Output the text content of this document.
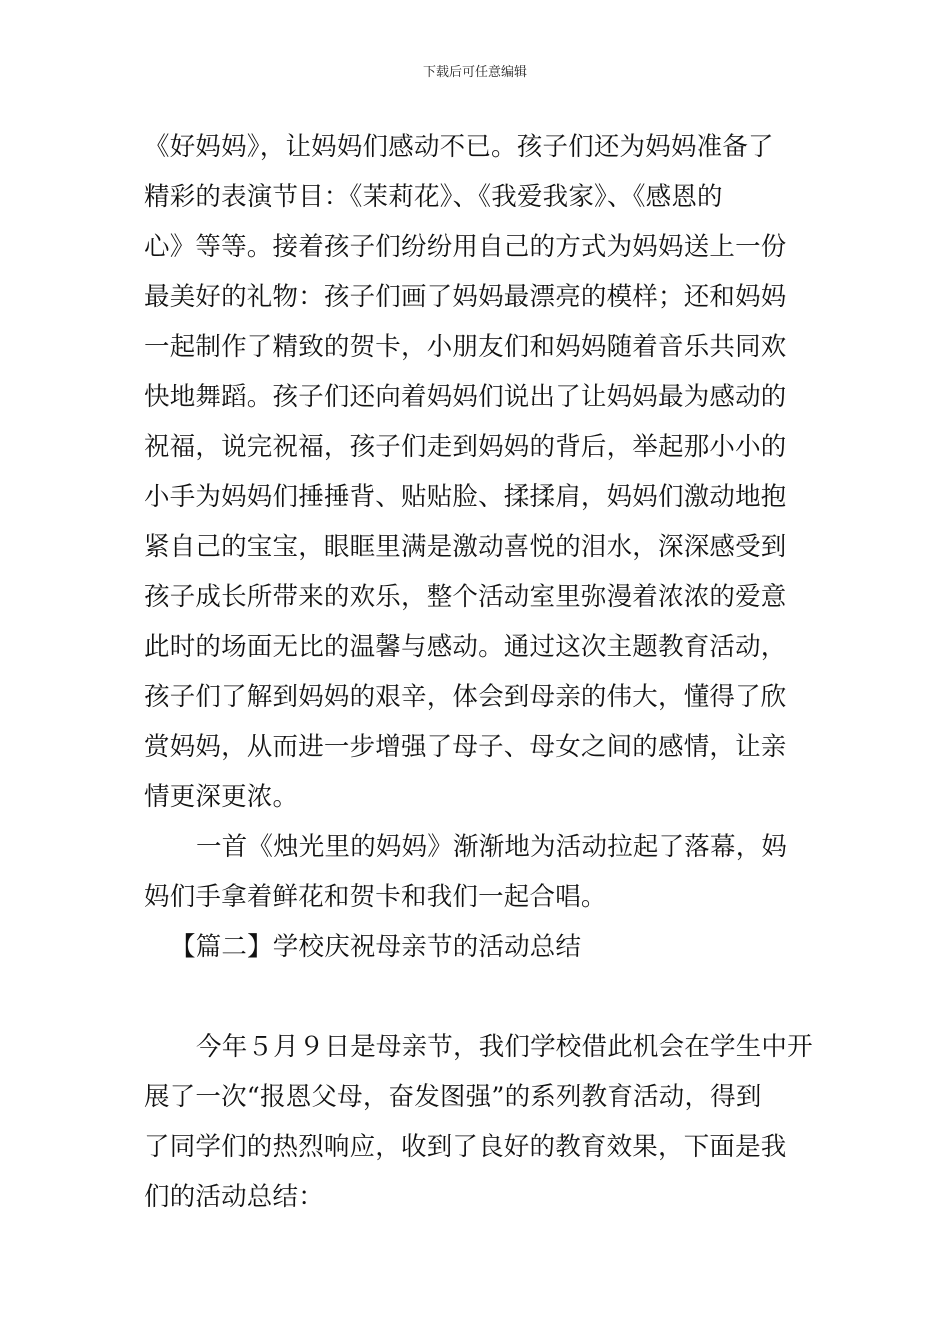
下载后可任意编辑
《好妈妈》，让妈妈们感动不已。孩子们还为妈妈准备了
精彩的表演节目：《茉莉花》、《我爱我家》、《感恩的
心》等等。接着孩子们纷纷用自己的方式为妈妈送上一份
最美好的礼物：孩子们画了妈妈最漂亮的模样；还和妈妈
一起制作了精致的贺卡，小朋友们和妈妈随着音乐共同欢
快地舞蹈。孩子们还向着妈妈们说出了让妈妈最为感动的
祝福，说完祝福，孩子们走到妈妈的背后，举起那小小的
小手为妈妈们捶捶背、贴贴脸、揉揉肩，妈妈们激动地抱
紧自己的宝宝，眼眶里满是激动喜悦的泪水，深深感受到
孩子成长所带来的欢乐，整个活动室里弥漫着浓浓的爱意
此时的场面无比的温馨与感动。通过这次主题教育活动，
孩子们了解到妈妈的艰辛，体会到母亲的伟大，懂得了欣
赏妈妈，从而进一步增强了母子、母女之间的感情，让亲
情更深更浓。
一首《烛光里的妈妈》渐渐地为活动拉起了落幕，妈
妈们手拿着鲜花和贺卡和我们一起合唱。
【篇二】学校庆祝母亲节的活动总结
今年５月９日是母亲节，我们学校借此机会在学生中开
展了一次“报恩父母，奋发图强”的系列教育活动，得到
了同学们的热烈响应，收到了良好的教育效果，下面是我
们的活动总结：
